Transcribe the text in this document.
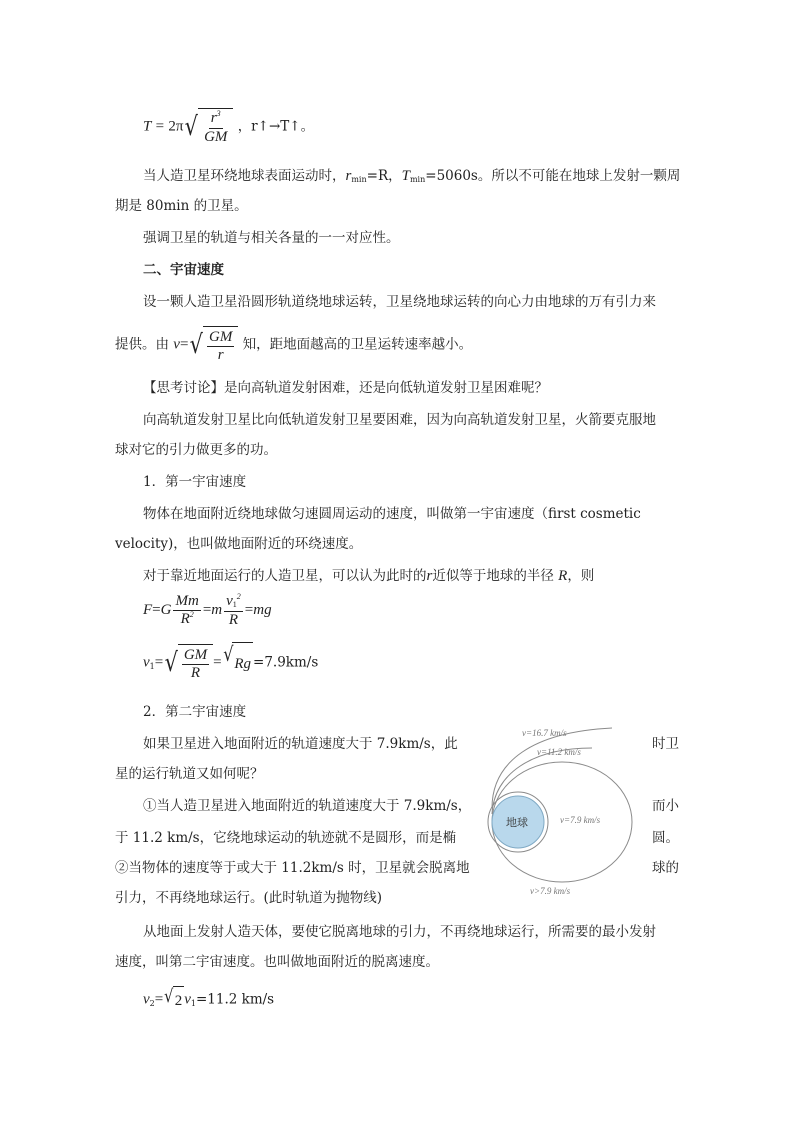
T = 2π √ $\frac{r^3}{GM}$ ，r↑→T↑。
当人造卫星环绕地球表面运动时，rmin=R，Tmin=5060s。所以不可能在地球上发射一颗周
期是 80min 的卫星。
强调卫星的轨道与相关各量的一一对应性。
二、宇宙速度
设一颗人造卫星沿圆形轨道绕地球运转，卫星绕地球运转的向心力由地球的万有引力来
提供。由 v= √ $\frac{GM}{r}$ 知，距地面越高的卫星运转速率越小。
【思考讨论】是向高轨道发射困难，还是向低轨道发射卫星困难呢？
向高轨道发射卫星比向低轨道发射卫星要困难，因为向高轨道发射卫星，火箭要克服地
球对它的引力做更多的功。
1．第一宇宙速度
物体在地面附近绕地球做匀速圆周运动的速度，叫做第一宇宙速度（first cosmetic
velocity)，也叫做地面附近的环绕速度。
对于靠近地面运行的人造卫星，可以认为此时的r近似等于地球的半径 R，则
$F=G \frac{Mm}{R^2} =m \frac{v1^2}{R} =mg$
v1= √ $\frac{GM}{R}$ = √ Rg =7.9km/s
2．第二宇宙速度
如果卫星进入地面附近的轨道速度大于 7.9km/s，此	时卫
星的运行轨道又如何呢？
①当人造卫星进入地面附近的轨道速度大于 7.9km/s，	而小
于 11.2 km/s，它绕地球运动的轨迹就不是圆形，而是椭	圆。
②当物体的速度等于或大于 11.2km/s 时，卫星就会脱离地	球的
引力，不再绕地球运行。(此时轨道为抛物线)
地球
v=16.7 km/s
v=11.2 km/s
v=7.9 km/s
v>7.9 km/s
从地面上发射人造天体，要使它脱离地球的引力，不再绕地球运行，所需要的最小发射
速度，叫第二宇宙速度。也叫做地面附近的脱离速度。
v2= √ 2 v1=11.2 km/s
